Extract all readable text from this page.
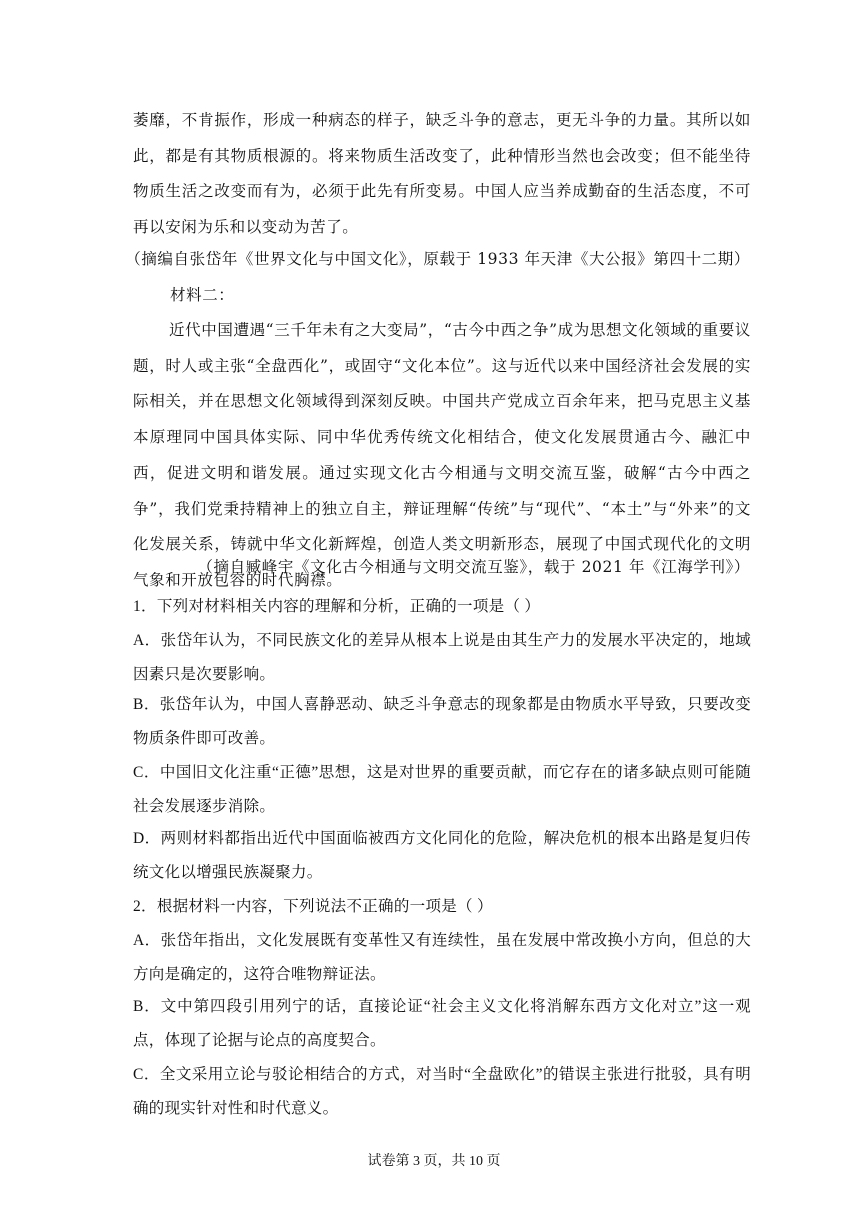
萎靡，不肯振作，形成一种病态的样子，缺乏斗争的意志，更无斗争的力量。其所以如此，都是有其物质根源的。将来物质生活改变了，此种情形当然也会改变；但不能坐待物质生活之改变而有为，必须于此先有所变易。中国人应当养成勤奋的生活态度，不可再以安闲为乐和以变动为苦了。

（摘编自张岱年《世界文化与中国文化》，原载于 1933 年天津《大公报》第四十二期）

材料二：

近代中国遭遇“三千年未有之大变局”，“古今中西之争”成为思想文化领域的重要议题，时人或主张“全盘西化”，或固守“文化本位”。这与近代以来中国经济社会发展的实际相关，并在思想文化领域得到深刻反映。中国共产党成立百余年来，把马克思主义基本原理同中国具体实际、同中华优秀传统文化相结合，使文化发展贯通古今、融汇中西，促进文明和谐发展。通过实现文化古今相通与文明交流互鉴，破解“古今中西之争”，我们党秉持精神上的独立自主，辩证理解“传统”与“现代”、“本土”与“外来”的文化发展关系，铸就中华文化新辉煌，创造人类文明新形态，展现了中国式现代化的文明气象和开放包容的时代胸襟。

（摘自臧峰宇《文化古今相通与文明交流互鉴》，载于 2021 年《江海学刊》）

1．下列对材料相关内容的理解和分析，正确的一项是（ ）

A．张岱年认为，不同民族文化的差异从根本上说是由其生产力的发展水平决定的，地域因素只是次要影响。

B．张岱年认为，中国人喜静恶动、缺乏斗争意志的现象都是由物质水平导致，只要改变物质条件即可改善。

C．中国旧文化注重“正德”思想，这是对世界的重要贡献，而它存在的诸多缺点则可能随社会发展逐步消除。

D．两则材料都指出近代中国面临被西方文化同化的危险，解决危机的根本出路是复归传统文化以增强民族凝聚力。

2．根据材料一内容，下列说法不正确的一项是（ ）

A．张岱年指出，文化发展既有变革性又有连续性，虽在发展中常改换小方向，但总的大方向是确定的，这符合唯物辩证法。

B．文中第四段引用列宁的话，直接论证“社会主义文化将消解东西方文化对立”这一观点，体现了论据与论点的高度契合。

C．全文采用立论与驳论相结合的方式，对当时“全盘欧化”的错误主张进行批驳，具有明确的现实针对性和时代意义。

试卷第 3 页，共 10 页
